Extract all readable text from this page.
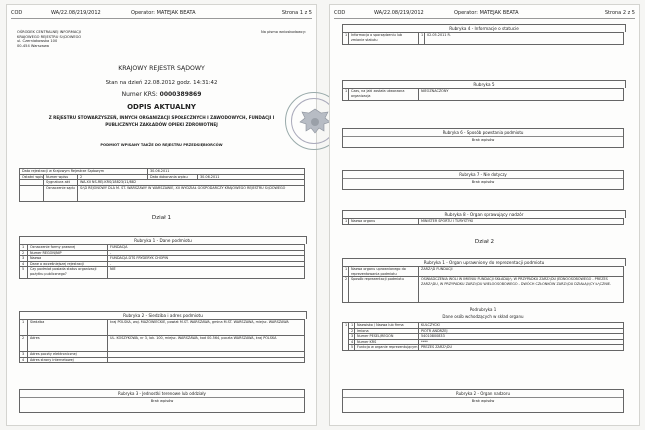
COD	WA/22.08/219/2012	Operator: MATEJAK BEATA	Strona 1 z 5
OŚRODEK CENTRALNEJ INFORMACJI
KRAJOWEGO REJESTRU SĄDOWEGO
ul. Czerniakowska 100
00-454 Warszawa
Na pismo wnioskodawcy:
KRAJOWY REJESTR SĄDOWY
Stan na dzień 22.08.2012 godz. 14:31:42
Numer KRS: 0000389869
ODPIS AKTUALNY
Z REJESTRU STOWARZYSZEŃ, INNYCH ORGANIZACJI SPOŁECZNYCH I ZAWODOWYCH, FUNDACJI I
PUBLICZNYCH ZAKŁADÓW OPIEKI ZDROWOTNEJ
PODMIOT WPISANY TAKŻE DO REJESTRU PRZEDSIĘBIORCÓW
Data rejestracji w Krajowym Rejestrze Sądowym			30.06.2011	
Ostatni wpis	Numer wpisu	2	Data dokonania wpisu	30.06.2011
	Sygnatura akt	WA.XII NS-REJ.KRS/18823/11/882		
	Oznaczenie sądu	SĄD REJONOWY DLA M. ST. WARSZAWY W WARSZAWIE, XII WYDZIAŁ GOSPODARCZY KRAJOWEGO REJESTRU SĄDOWEGO		
Dział 1
Rubryka 1 - Dane podmiotu
1	Oznaczenie formy prawnej	FUNDACJA
2	Numer REGON/NIP	-
3	Nazwa	FUNDACJA DTS FRYDERYK CHOPIN
4	Dane o wcześniejszej rejestracji	-
5	Czy podmiot posiada status organizacji pożytku publicznego?	NIE
Rubryka 2 - Siedziba i adres podmiotu
1	Siedziba	kraj POLSKA, woj. MAZOWIECKIE, powiat M.ST. WARSZAWA, gmina M.ST. WARSZAWA, miejsc. WARSZAWA
2	Adres	UL. KOSZYKOWA, nr 3, lok. 100, miejsc. WARSZAWA, kod 00-564, poczta WARSZAWA, kraj POLSKA
3	Adres poczty elektronicznej	
4	Adres strony internetowej	
Rubryka 3 - Jednostki terenowe lub oddziały
Brak wpisów
COD	WA/22.08/219/2012	Operator: MATEJAK BEATA	Strona 2 z 5
Rubryka 4 - Informacje o statucie
1	Informacja o sporządzeniu lub zmianie statutu	1	02.05.2011 R.
Rubryka 5
1	Czas, na jaki została utworzona organizacja	NIEOZNACZONY
Rubryka 6 - Sposób powstania podmiotu
Brak wpisów
Rubryka 7 - Nie dotyczy
Brak wpisów
Rubryka 8 - Organ sprawujący nadzór
1	Nazwa organu	MINISTER SPORTU I TURYSTYKI
Dział 2
Rubryka 1 - Organ uprawniony do reprezentacji podmiotu
1	Nazwa organu uprawnionego do reprezentowania podmiotu	ZARZĄD FUNDACJI
2	Sposób reprezentacji podmiotu	OŚWIADCZENIA WOLI W IMIENIU FUNDACJI SKŁADAJĄ: W PRZYPADKU ZARZĄDU JEDNOOSOBOWEGO - PREZES ZARZĄDU, W PRZYPADKU ZARZĄDU WIELOOSOBOWEGO - DWÓCH CZŁONKÓW ZARZĄDU DZIAŁAJĄCY ŁĄCZNIE.
Podrubryka 1
Dane osób wchodzących w skład organu
1	1	Nazwisko / Nazwa lub firma	KULCZYCKI
	2	Imiona	PIOTR ANDRZEJ
	3	Numer PESEL/REGON	54010800833
	4	Numer KRS	****
	5	Funkcja w organie reprezentującym	PREZES ZARZĄDU
Rubryka 2 - Organ nadzoru
Brak wpisów
